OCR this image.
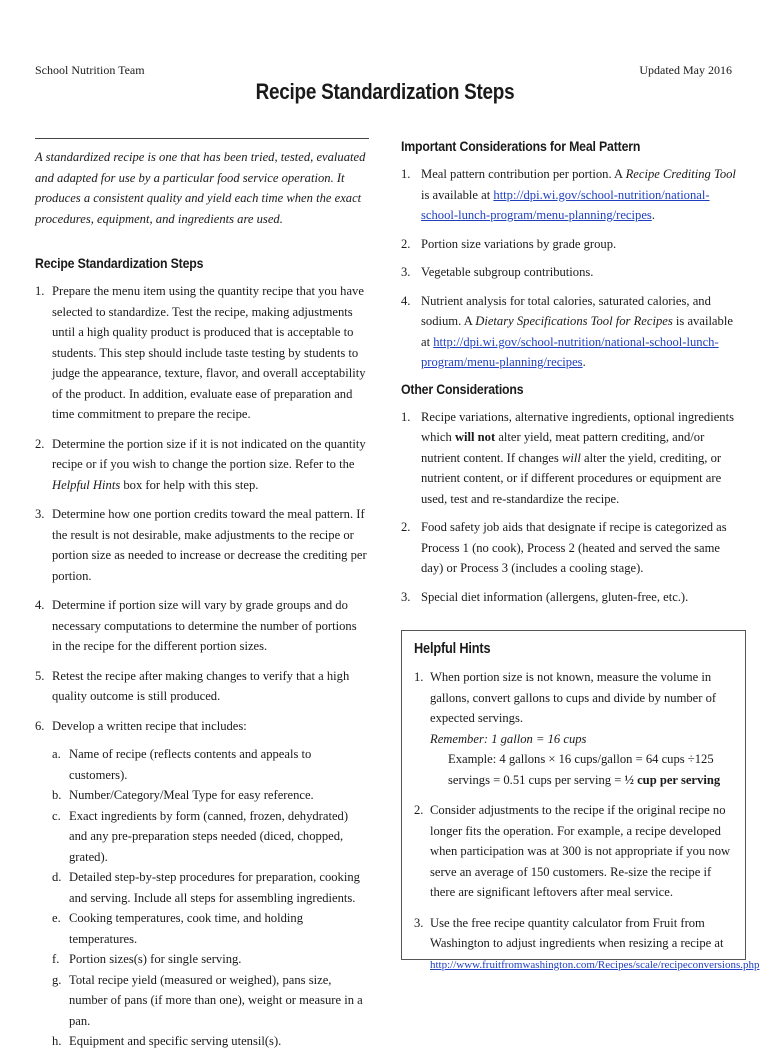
School Nutrition Team	Updated May 2016
Recipe Standardization Steps

A standardized recipe is one that has been tried, tested, evaluated and adapted for use by a particular food service operation. It produces a consistent quality and yield each time when the exact procedures, equipment, and ingredients are used.

Recipe Standardization Steps
1. Prepare the menu item using the quantity recipe that you have selected to standardize. Test the recipe, making adjustments until a high quality product is produced that is acceptable to students. This step should include taste testing by students to judge the appearance, texture, flavor, and overall acceptability of the product. In addition, evaluate ease of preparation and time commitment to prepare the recipe.
2. Determine the portion size if it is not indicated on the quantity recipe or if you wish to change the portion size. Refer to the Helpful Hints box for help with this step.
3. Determine how one portion credits toward the meal pattern. If the result is not desirable, make adjustments to the recipe or portion size as needed to increase or decrease the crediting per portion.
4. Determine if portion size will vary by grade groups and do necessary computations to determine the number of portions in the recipe for the different portion sizes.
5. Retest the recipe after making changes to verify that a high quality outcome is still produced.
6. Develop a written recipe that includes:
a. Name of recipe (reflects contents and appeals to customers).
b. Number/Category/Meal Type for easy reference.
c. Exact ingredients by form (canned, frozen, dehydrated) and any pre-preparation steps needed (diced, chopped, grated).
d. Detailed step-by-step procedures for preparation, cooking and serving. Include all steps for assembling ingredients.
e. Cooking temperatures, cook time, and holding temperatures.
f. Portion sizes(s) for single serving.
g. Total recipe yield (measured or weighed), pans size, number of pans (if more than one), weight or measure in a pan.
h. Equipment and specific serving utensil(s).
Important Considerations for Meal Pattern
1. Meal pattern contribution per portion. A Recipe Crediting Tool is available at http://dpi.wi.gov/school-nutrition/national-school-lunch-program/menu-planning/recipes.
2. Portion size variations by grade group.
3. Vegetable subgroup contributions.
4. Nutrient analysis for total calories, saturated calories, and sodium. A Dietary Specifications Tool for Recipes is available at http://dpi.wi.gov/school-nutrition/national-school-lunch-program/menu-planning/recipes.
Other Considerations
1. Recipe variations, alternative ingredients, optional ingredients which will not alter yield, meat pattern crediting, and/or nutrient content. If changes will alter the yield, crediting, or nutrient content, or if different procedures or equipment are used, test and re-standardize the recipe.
2. Food safety job aids that designate if recipe is categorized as Process 1 (no cook), Process 2 (heated and served the same day) or Process 3 (includes a cooling stage).
3. Special diet information (allergens, gluten-free, etc.).
Helpful Hints
1. When portion size is not known, measure the volume in gallons, convert gallons to cups and divide by number of expected servings.
Remember: 1 gallon = 16 cups
Example: 4 gallons × 16 cups/gallon = 64 cups ÷125 servings = 0.51 cups per serving = ½ cup per serving
2. Consider adjustments to the recipe if the original recipe no longer fits the operation. For example, a recipe developed when participation was at 300 is not appropriate if you now serve an average of 150 customers. Re-size the recipe if there are significant leftovers after meal service.
3. Use the free recipe quantity calculator from Fruit from Washington to adjust ingredients when resizing a recipe at
http://www.fruitfromwashington.com/Recipes/scale/recipeconversions.php
